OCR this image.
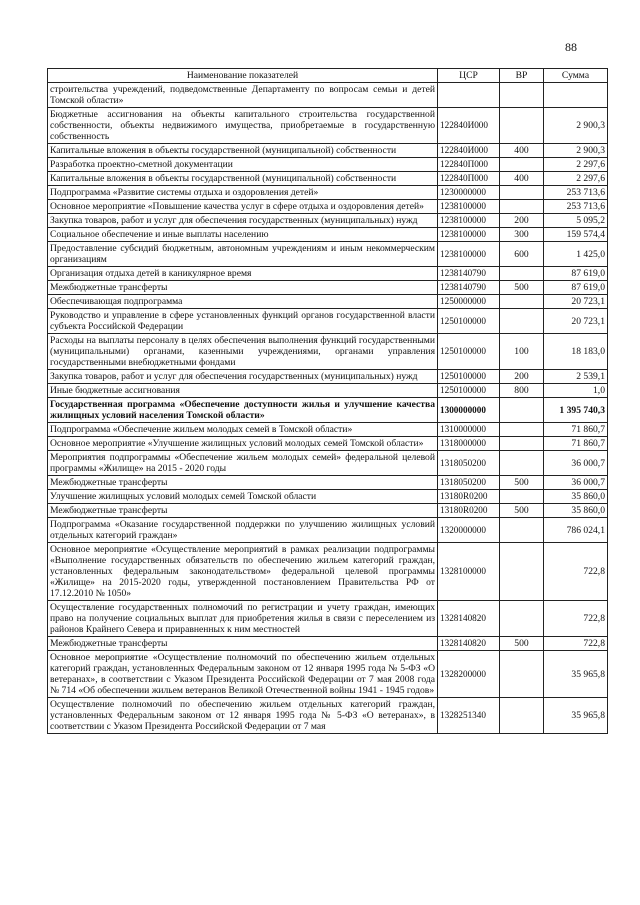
88
Наименование показателей	ЦСР	ВР	Сумма
строительства учреждений, подведомственные Департаменту по вопросам семьи и детей Томской области»			
Бюджетные ассигнования на объекты капитального строительства государственной собственности, объекты недвижимого имущества, приобретаемые в государственную собственность	122840И000		2 900,3
Капитальные вложения в объекты государственной (муниципальной) собственности	122840И000	400	2 900,3
Разработка проектно-сметной документации	122840П000		2 297,6
Капитальные вложения в объекты государственной (муниципальной) собственности	122840П000	400	2 297,6
Подпрограмма «Развитие системы отдыха и оздоровления детей»	1230000000		253 713,6
Основное мероприятие «Повышение качества услуг в сфере отдыха и оздоровления детей»	1238100000		253 713,6
Закупка товаров, работ и услуг для обеспечения государственных (муниципальных) нужд	1238100000	200	5 095,2
Социальное обеспечение и иные выплаты населению	1238100000	300	159 574,4
Предоставление субсидий бюджетным, автономным учреждениям и иным некоммерческим организациям	1238100000	600	1 425,0
Организация отдыха детей в каникулярное время	1238140790		87 619,0
Межбюджетные трансферты	1238140790	500	87 619,0
Обеспечивающая подпрограмма	1250000000		20 723,1
Руководство и управление в сфере установленных функций органов государственной власти субъекта Российской Федерации	1250100000		20 723,1
Расходы на выплаты персоналу в целях обеспечения выполнения функций государственными (муниципальными) органами, казенными учреждениями, органами управления государственными внебюджетными фондами	1250100000	100	18 183,0
Закупка товаров, работ и услуг для обеспечения государственных (муниципальных) нужд	1250100000	200	2 539,1
Иные бюджетные ассигнования	1250100000	800	1,0
Государственная программа «Обеспечение доступности жилья и улучшение качества жилищных условий населения Томской области»	1300000000		1 395 740,3
Подпрограмма «Обеспечение жильем молодых семей в Томской области»	1310000000		71 860,7
Основное мероприятие «Улучшение жилищных условий молодых семей Томской области»	1318000000		71 860,7
Мероприятия подпрограммы «Обеспечение жильем молодых семей» федеральной целевой программы «Жилище» на 2015 - 2020 годы	1318050200		36 000,7
Межбюджетные трансферты	1318050200	500	36 000,7
Улучшение жилищных условий молодых семей Томской области	13180R0200		35 860,0
Межбюджетные трансферты	13180R0200	500	35 860,0
Подпрограмма «Оказание государственной поддержки по улучшению жилищных условий отдельных категорий граждан»	1320000000		786 024,1
Основное мероприятие «Осуществление мероприятий в рамках реализации подпрограммы «Выполнение государственных обязательств по обеспечению жильем категорий граждан, установленных федеральным законодательством» федеральной целевой программы «Жилище» на 2015-2020 годы, утвержденной постановлением Правительства РФ от 17.12.2010 № 1050»	1328100000		722,8
Осуществление государственных полномочий по регистрации и учету граждан, имеющих право на получение социальных выплат для приобретения жилья в связи с переселением из районов Крайнего Севера и приравненных к ним местностей	1328140820		722,8
Межбюджетные трансферты	1328140820	500	722,8
Основное мероприятие «Осуществление полномочий по обеспечению жильем отдельных категорий граждан, установленных Федеральным законом от 12 января 1995 года № 5-ФЗ «О ветеранах», в соответствии с Указом Президента Российской Федерации от 7 мая 2008 года № 714 «Об обеспечении жильем ветеранов Великой Отечественной войны 1941 - 1945 годов»	1328200000		35 965,8
Осуществление полномочий по обеспечению жильем отдельных категорий граждан, установленных Федеральным законом от 12 января 1995 года № 5-ФЗ «О ветеранах», в соответствии с Указом Президента Российской Федерации от 7 мая	1328251340		35 965,8
